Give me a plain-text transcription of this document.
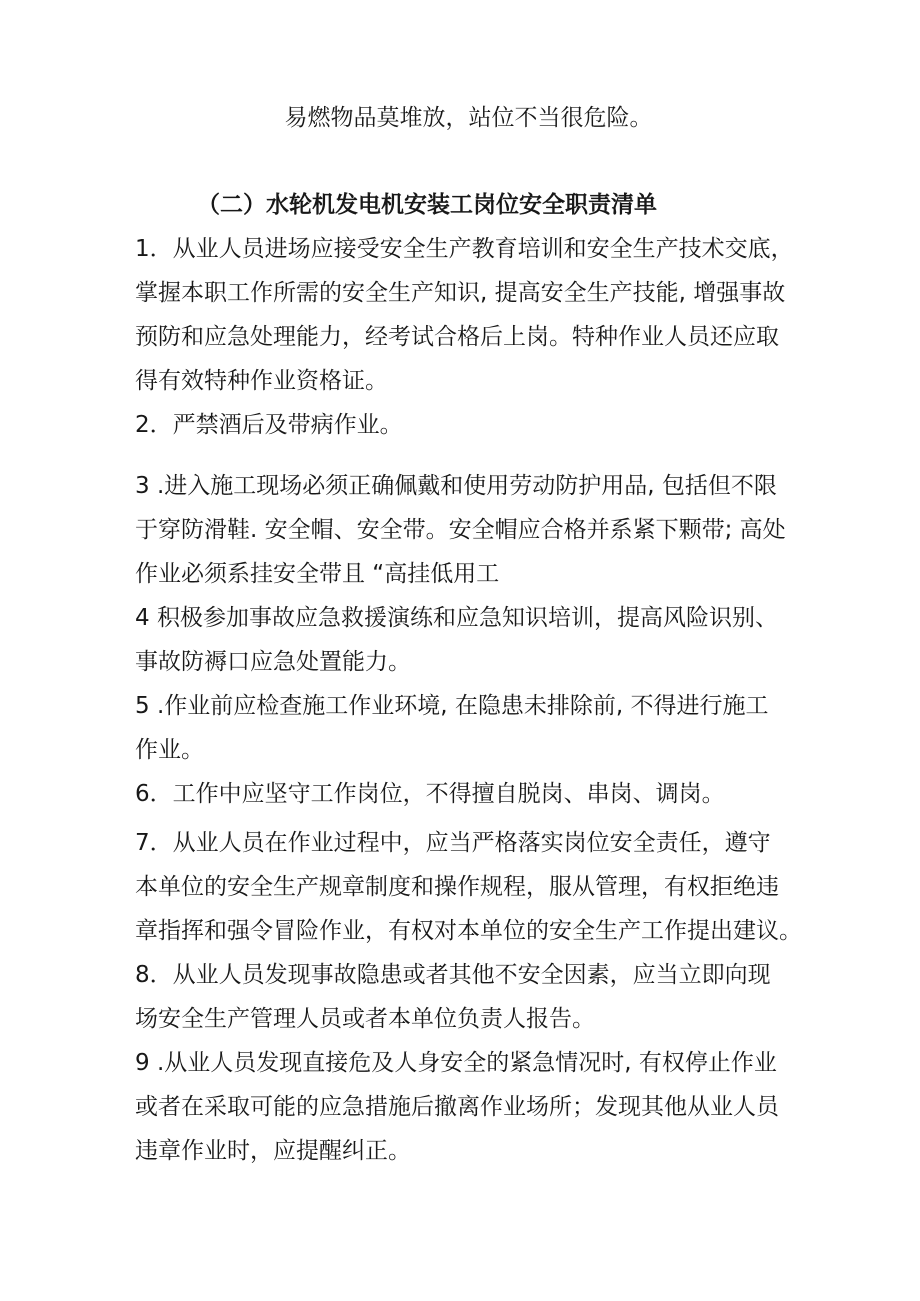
易燃物品莫堆放，站位不当很危险。
（二）水轮机发电机安装工岗位安全职责清单

1．从业人员进场应接受安全生产教育培训和安全生产技术交底，
掌握本职工作所需的安全生产知识, 提高安全生产技能, 增强事故
预防和应急处理能力，经考试合格后上岗。特种作业人员还应取
得有效特种作业资格证。

2．严禁酒后及带病作业。

3 .进入施工现场必须正确佩戴和使用劳动防护用品, 包括但不限
于穿防滑鞋. 安全帽、安全带。安全帽应合格并系紧下颗带; 高处
作业必须系挂安全带且 “高挂低用工

4 积极参加事故应急救援演练和应急知识培训，提高风险识别、
事故防褥口应急处置能力。

5 .作业前应检查施工作业环境, 在隐患未排除前, 不得进行施工
作业。

6．工作中应坚守工作岗位，不得擅自脱岗、串岗、调岗。

7．从业人员在作业过程中，应当严格落实岗位安全责任，遵守
本单位的安全生产规章制度和操作规程，服从管理，有权拒绝违
章指挥和强令冒险作业，有权对本单位的安全生产工作提出建议。

8．从业人员发现事故隐患或者其他不安全因素，应当立即向现
场安全生产管理人员或者本单位负责人报告。

9 .从业人员发现直接危及人身安全的紧急情况时, 有权停止作业
或者在采取可能的应急措施后撤离作业场所；发现其他从业人员
违章作业时，应提醒纠正。
